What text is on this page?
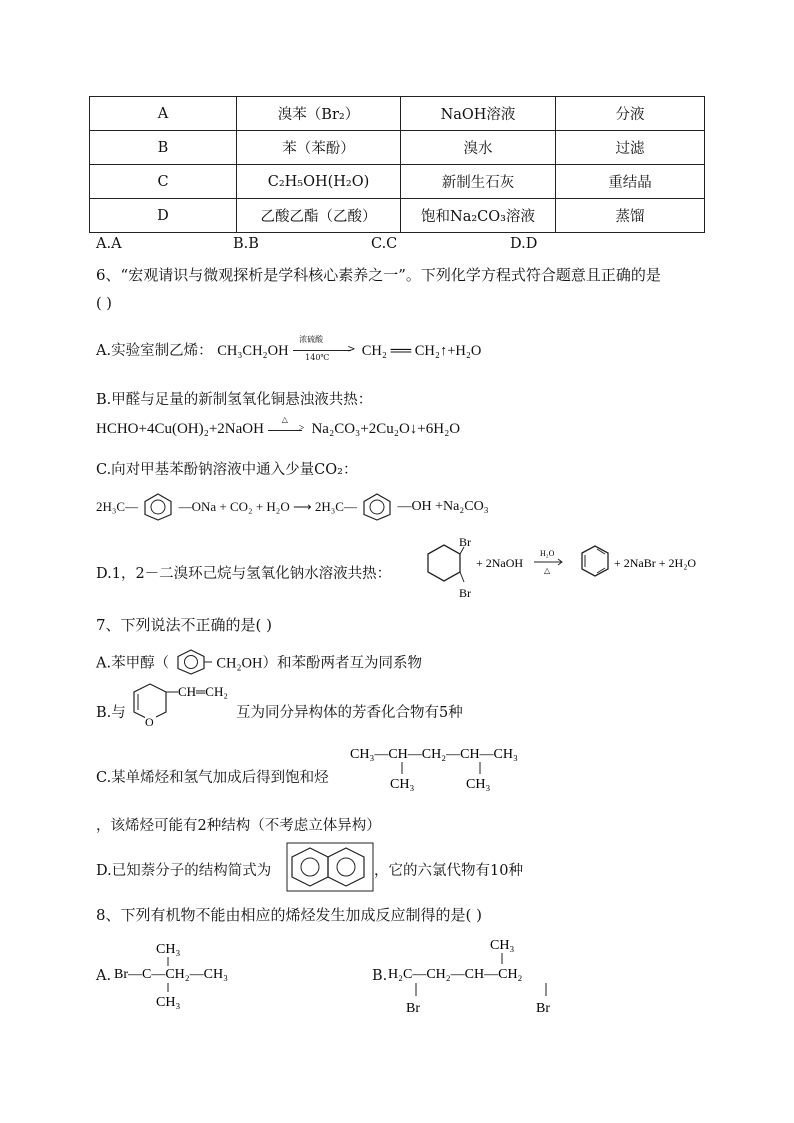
A	溴苯（Br₂）	NaOH溶液	分液
B	苯（苯酚）	溴水	过滤
C	C₂H₅OH(H₂O)	新制生石灰	重结晶
D	乙酸乙酯（乙酸）	饱和Na₂CO₃溶液	蒸馏
A.A	B.B	C.C	D.D
6、“宏观请识与微观探析是学科核心素养之一”。下列化学方程式符合题意且正确的是
( )
A.实验室制乙烯： CH₃CH₂OH
浓硫酸
>
140℃ CH₂ ══ CH₂↑+H₂O
B.甲醛与足量的新制氢氧化铜悬浊液共热：
HCHO+4Cu(OH)₂+2NaOH
△
> Na₂CO₃+2Cu₂O↓+6H₂O
C.向对甲基苯酚钠溶液中通入少量CO₂：
2H₃C—	—ONa + CO₂ + H₂O ⟶ 2H₃C—	—OH +Na₂CO₃
D.1，2－二溴环己烷与氢氧化钠水溶液共热：
Br
Br
+ 2NaOH
H₂O
△
+ 2NaBr + 2H₂O
7、下列说法不正确的是( )
A.苯甲醇（	CH₂OH）和苯酚两者互为同系物
B.与
O
CH═CH₂
互为同分异构体的芳香化合物有5种
C.某单烯烃和氢气加成后得到饱和烃
CH₃—CH—CH₂—CH—CH₃
CH₃	CH₃
，该烯烃可能有2种结构（不考虑立体异构）
D.已知萘分子的结构简式为	，它的六氯代物有10种
8、下列有机物不能由相应的烯烃发生加成反应制得的是( )
A.
CH₃
Br—C—CH₂—CH₃
CH₃
B.
CH₃
H₂C—CH₂—CH—CH₂
Br	Br
